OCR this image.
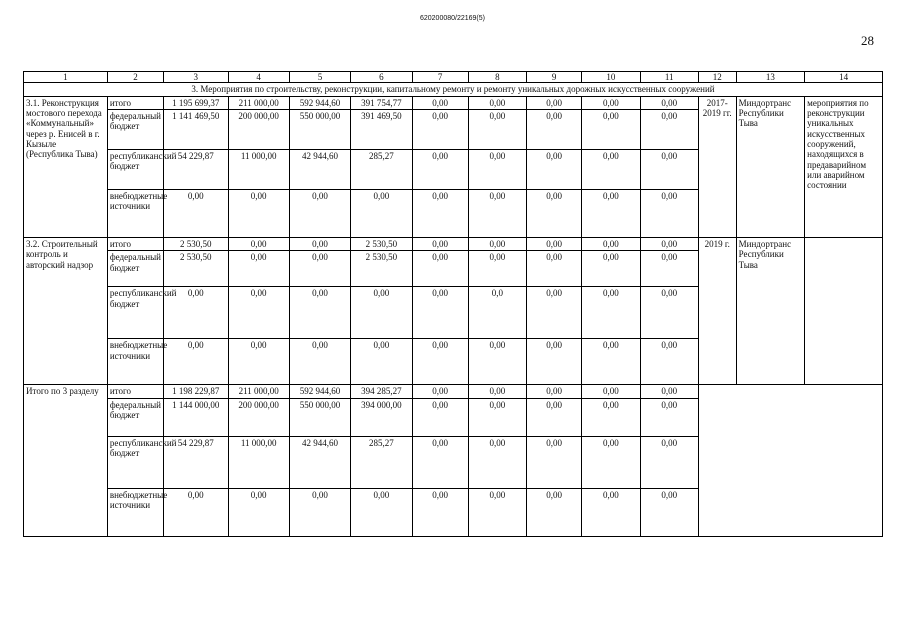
620200080/22169(5)
28
1	2	3	4	5	6	7	8	9	10	11	12	13	14
3. Мероприятия по строительству, реконструкции, капитальному ремонту и ремонту уникальных дорожных искусственных сооружений													
3.1. Реконструкция мостового перехода «Коммунальный» через р. Енисей в г. Кызыле (Республика Тыва)	итого	1 195 699,37	211 000,00	592 944,60	391 754,77	0,00	0,00	0,00	0,00	0,00	2017-2019 гг.	Миндортранс Республики Тыва	мероприятия по реконструкции уникальных искусственных сооружений, находящихся в предаварийном или аварийном состоянии
	федеральный бюджет	1 141 469,50	200 000,00	550 000,00	391 469,50	0,00	0,00	0,00	0,00	0,00			
	республиканский бюджет	54 229,87	11 000,00	42 944,60	285,27	0,00	0,00	0,00	0,00	0,00			
	внебюджетные источники	0,00	0,00	0,00	0,00	0,00	0,00	0,00	0,00	0,00			
3.2. Строительный контроль и авторский надзор	итого	2 530,50	0,00	0,00	2 530,50	0,00	0,00	0,00	0,00	0,00	2019 г.	Миндортранс Республики Тыва	
	федеральный бюджет	2 530,50	0,00	0,00	2 530,50	0,00	0,00	0,00	0,00	0,00			
	республиканский бюджет	0,00	0,00	0,00	0,00	0,00	0,0	0,00	0,00	0,00			
	внебюджетные источники	0,00	0,00	0,00	0,00	0,00	0,00	0,00	0,00	0,00			
Итого по 3 разделу	итого	1 198 229,87	211 000,00	592 944,60	394 285,27	0,00	0,00	0,00	0,00	0,00			
	федеральный бюджет	1 144 000,00	200 000,00	550 000,00	394 000,00	0,00	0,00	0,00	0,00	0,00			
	республиканский бюджет	54 229,87	11 000,00	42 944,60	285,27	0,00	0,00	0,00	0,00	0,00			
	внебюджетные источники	0,00	0,00	0,00	0,00	0,00	0,00	0,00	0,00	0,00			
